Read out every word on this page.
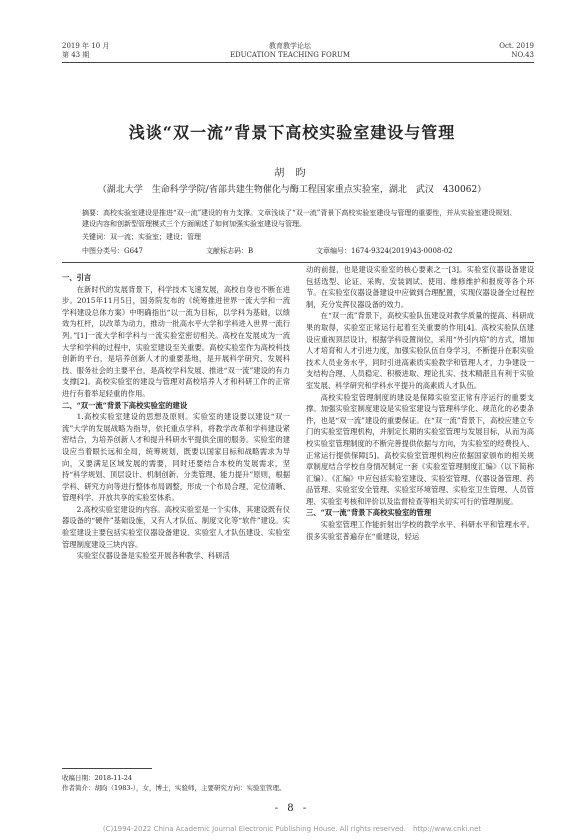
2019 年 10 月
第 43 期
教育教学论坛
EDUCATION TEACHING FORUM
Oct. 2019
NO.43
浅谈“双一流”背景下高校实验室建设与管理
胡 昀
（湖北大学　生命科学学院/省部共建生物催化与酶工程国家重点实验室，湖北　武汉　430062）
摘要：高校实验室建设是推进“双一流”建设的有力支撑。文章浅谈了“双一流”背景下高校实验室建设与管理的重要性，并从实验室建设规划、建设内容和创新型管理模式三个方面阐述了如何加强实验室建设与管理。
关键词：双一流；实验室；建设；管理
中图分类号：G647	文献标志码：B	文章编号：1674-9324(2019)43-0008-02

一、引言

在新时代的发展背景下，科学技术飞速发展，高校自身也不断在进步。2015年11月5日，国务院发布的《统筹推进世界一流大学和一流学科建设总体方案》中明确指出“以一流为目标，以学科为基础，以绩效为杠杆，以改革为动力，推动一批高水平大学和学科进入世界一流行列。”[1]一流大学和学科与一流实验室密切相关。高校在发展成为一流大学和学科的过程中，实验室建设至关重要。高校实验室作为高校科技创新的平台，是培养创新人才的重要基地，是开展科学研究、发展科技、服务社会的主要平台，是高校学科发展、推进“双一流”建设的有力支撑[2]。高校实验室的建设与管理对高校培养人才和科研工作的正常进行有着举足轻重的作用。

二、“双一流”背景下高校实验室的建设

1.高校实验室建设的思想及原则。实验室的建设要以建设“双一流”大学的发展战略为指导，依托重点学科，将教学改革和学科建设紧密结合，为培养创新人才和提升科研水平提供全面的服务。实验室的建设应当着眼长远和全局，统筹规划，既要以国家目标和战略需求为导向，又要满足区域发展的需要，同时还要结合本校的发展需求，坚持“科学规划、顶层设计、机制创新、分类管理、能力提升”原则，根据学科、研究方向等进行整体布局调整，形成一个布局合理、定位清晰、管理科学、开放共享的实验室体系。

2.高校实验室建设的内容。高校实验室是一个实体，其建设既有仪器设备的“硬件”基础设施，又有人才队伍、制度文化等“软件”建设。实验室建设主要包括实验室仪器设备建设、实验室人才队伍建设、实验室管理制度建设三块内容。

实验室仪器设备是实验室开展各种教学、科研活

动的前提，也是建设实验室的核心要素之一[3]。实验室仪器设备建设包括选型、论证、采购、安装调试、使用、维修维护和报废等各个环节。在实验室仪器设备建设中应做到合理配置，实现仪器设备全过程控制，充分发挥仪器设备的效力。

在“双一流”背景下，高校实验队伍建设对教学质量的提高、科研成果的取得，实验室正常运行起着至关重要的作用[4]。高校实验队伍建设应重视顶层设计，根据学科设置岗位，采用“外引内培”的方式，增加人才培育和人才引进力度，加强实验队伍自身学习，不断提升在职实验技术人员业务水平，同时引进高素质实验教学和管理人才，力争建设一支结构合理、人员稳定、积极进取、理论扎实、技术精湛且有利于实验室发展、科学研究和学科水平提升的高素质人才队伍。

高校实验室管理制度的建设是保障实验室正常有序运行的重要支撑。加强实验室制度建设是实验室建设与管理科学化、规范化的必要条件，也是“双一流”建设的重要保证。在“双一流”背景下，高校应建立专门的实验室管理机构，并制定长期的实验室管理与发展目标，从而为高校实验室管理制度的不断完善提供依据与方向，为实验室的经费投入、正常运行提供保障[5]。高校实验室管理机构应依据国家颁布的相关规章制度结合学校自身情况制定一套《实验室管理制度汇编》（以下简称汇编）。《汇编》中应包括实验室建设、实验室管理、仪器设备管理、药品管理、实验室安全管理、实验室环境管理、实验室卫生管理、人员管理、实验室考核和评价以及监督检查等相关切实可行的管理制度。

三、“双一流”背景下高校实验室的管理

实验室管理工作能折射出学校的教学水平、科研水平和管理水平。很多实验室普遍存在“重建设，轻运

收稿日期：2018-11-24
作者简介：胡昀（1983-），女，博士，实验师，主要研究方向：实验室管理。
- 8 -
(C)1994-2022 China Academic Journal Electronic Publishing House. All rights reserved.　http://www.cnki.net
